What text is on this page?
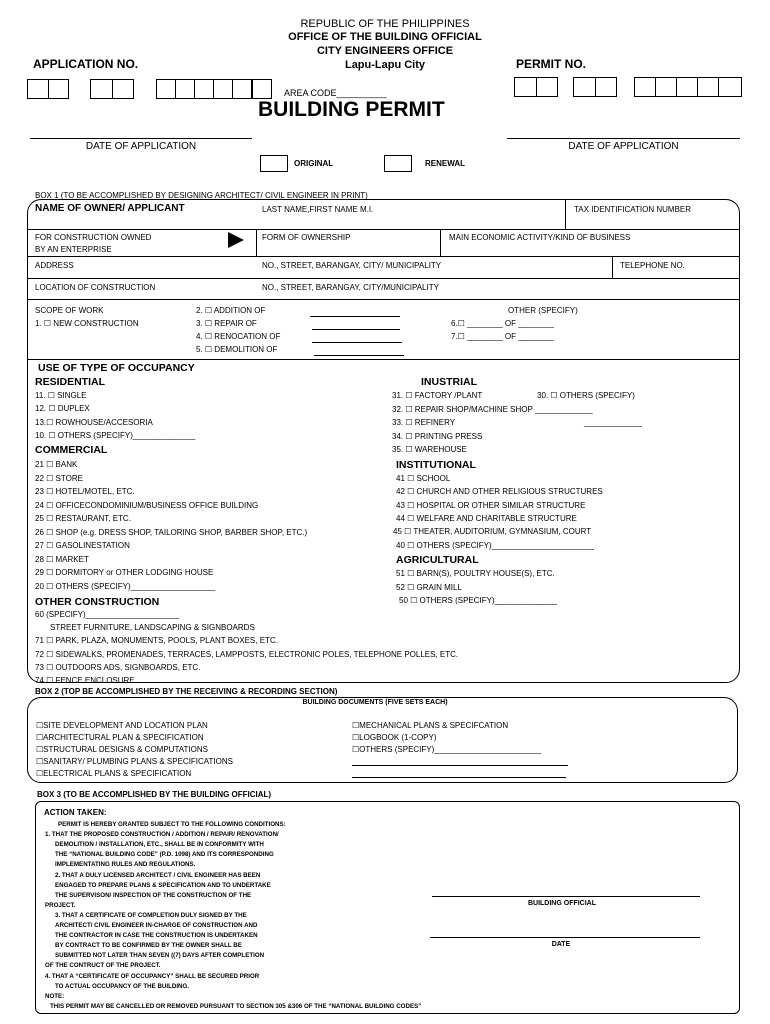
REPUBLIC OF THE PHILIPPINES
OFFICE OF THE BUILDING OFFICIAL
CITY ENGINEERS OFFICE
Lapu-Lapu City
APPLICATION NO.	PERMIT NO.
AREA CODE__________
BUILDING PERMIT
DATE OF APPLICATION	DATE OF APPLICATION
ORIGINAL	RENEWAL
BOX 1 (TO BE ACCOMPLISHED BY DESIGNING ARCHITECT/ CIVIL ENGINEER IN PRINT)
NAME OF OWNER/ APPLICANT	LAST NAME,FIRST NAME M.I.	TAX IDENTIFICATION NUMBER
FOR CONSTRUCTION OWNED
BY AN ENTERPRISE
FORM OF OWNERSHIP	MAIN ECONOMIC ACTIVITY/KIND OF BUSINESS
ADDRESS	NO., STREET, BARANGAY, CITY/ MUNICIPALITY	TELEPHONE NO.
LOCATION OF CONSTRUCTION	NO., STREET, BARANGAY, CITY/MUNICIPALITY
SCOPE OF WORK
1. ☐ NEW CONSTRUCTION
2. ☐ ADDITION OF
3. ☐ REPAIR OF
4. ☐ RENOCATION OF
5. ☐ DEMOLITION OF
OTHER (SPECIFY)
6.☐ ________ OF ________
7.☐ ________ OF ________
USE OF TYPE OF OCCUPANCY
RESIDENTIAL
11. ☐ SINGLE
12. ☐ DUPLEX
13.☐ ROWHOUSE/ACCESORIA
10. ☐ OTHERS (SPECIFY)______________
COMMERCIAL
21 ☐ BANK
22 ☐ STORE
23 ☐ HOTEL/MOTEL, ETC.
24 ☐ OFFICECONDOMINIUM/BUSINESS OFFICE BUILDING
25 ☐ RESTAURANT, ETC.
26 ☐ SHOP (e.g. DRESS SHOP, TAILORING SHOP, BARBER SHOP, ETC.)
27 ☐ GASOLINESTATION
28 ☐ MARKET
29 ☐ DORMITORY or OTHER LODGING HOUSE
20 ☐ OTHERS (SPECIFY)___________________
OTHER CONSTRUCTION
60 (SPECIFY)_____________________
STREET FURNITURE, LANDSCAPING & SIGNBOARDS
71 ☐ PARK, PLAZA, MONUMENTS, POOLS, PLANT BOXES, ETC.
72 ☐ SIDEWALKS, PROMENADES, TERRACES, LAMPPOSTS, ELECTRONIC POLES, TELEPHONE POLLES, ETC.
73 ☐ OUTDOORS ADS, SIGNBOARDS, ETC.
74 ☐ FENCE ENCLOSURE
INUSTRIAL
31. ☐ FACTORY /PLANT
32. ☐ REPAIR SHOP/MACHINE SHOP _____________
33. ☐ REFINERY
34. ☐ PRINTING PRESS
35. ☐ WAREHOUSE
30. ☐ OTHERS (SPECIFY)
_____________
INSTITUTIONAL
41 ☐ SCHOOL
42 ☐ CHURCH AND OTHER RELIGIOUS STRUCTURES
43 ☐ HOSPITAL OR OTHER SIMILAR STRUCTURE
44 ☐ WELFARE AND CHARITABLE STRUCTURE
45 ☐ THEATER, AUDITORIUM, GYMNASIUM, COURT
40 ☐ OTHERS (SPECIFY)_______________________
AGRICULTURAL
51 ☐ BARN(S), POULTRY HOUSE(S), ETC.
52 ☐ GRAIN MILL
50 ☐ OTHERS (SPECIFY)______________
BOX 2 (TOP BE ACCOMPLISHED BY THE RECEIVING & RECORDING SECTION)
BUILDING DOCUMENTS (FIVE SETS EACH)
☐SITE DEVELOPMENT AND LOCATION PLAN
☐ARCHITECTURAL PLAN & SPECIFICATION
☐STRUCTURAL DESIGNS & COMPUTATIONS
☐SANITARY/ PLUMBING PLANS & SPECIFICATIONS
☐ELECTRICAL PLANS & SPECIFICATION
☐MECHANICAL PLANS & SPECIFCATION
☐LOGBOOK (1-COPY)
☐OTHERS (SPECIFY)________________________
BOX 3 (TO BE ACCOMPLISHED BY THE BUILDING OFFICIAL)
ACTION TAKEN:
PERMIT IS HEREBY GRANTED SUBJECT TO THE FOLLOWING CONDITIONS:
1. THAT THE PROPOSED CONSTRUCTION / ADDITION / REPAIR/ RENOVATION/
DEMOLITION / INSTALLATION, ETC., SHALL BE IN CONFORMITY WITH
THE “NATIONAL BUILDING CODE” (P.D. 1098) AND ITS CORRESPONDING
IMPLEMENTATING RULES AND REGULATIONS.
2. THAT A DULY LICENSED ARCHITECT / CIVIL ENGINEER HAS BEEN
ENGAGED TO PREPARE PLANS & SPECIFICATION AND TO UNDERTAKE
THE SUPERVISON/ INSPECTION OF THE CONSTRUCTION OF THE
PROJECT.
3. THAT A CERTIFICATE OF COMPLETION DULY SIGNED BY THE
ARCHITECT/ CIVIL ENGINEER IN-CHARGE OF CONSTRUCTION AND
THE CONTRACTOR IN CASE THE CONSTRUCTION IS UNDERTAKEN
BY CONTRACT TO BE CONFIRMED BY THE OWNER SHALL BE
SUBMITTED NOT LATER THAN SEVEN ((7) DAYS AFTER COMPLETION
OF THE CONTRUCT OF THE PROJECT.
4. THAT A “CERTIFICATE OF OCCUPANCY” SHALL BE SECURED PRIOR
TO ACTUAL OCCUPANCY OF THE BUILDING.
NOTE:
THIS PERMIT MAY BE CANCELLED OR REMOVED PURSUANT TO SECTION 305 &306 OF THE “NATIONAL BUILDING CODES”
BUILDING OFFICIAL
DATE
